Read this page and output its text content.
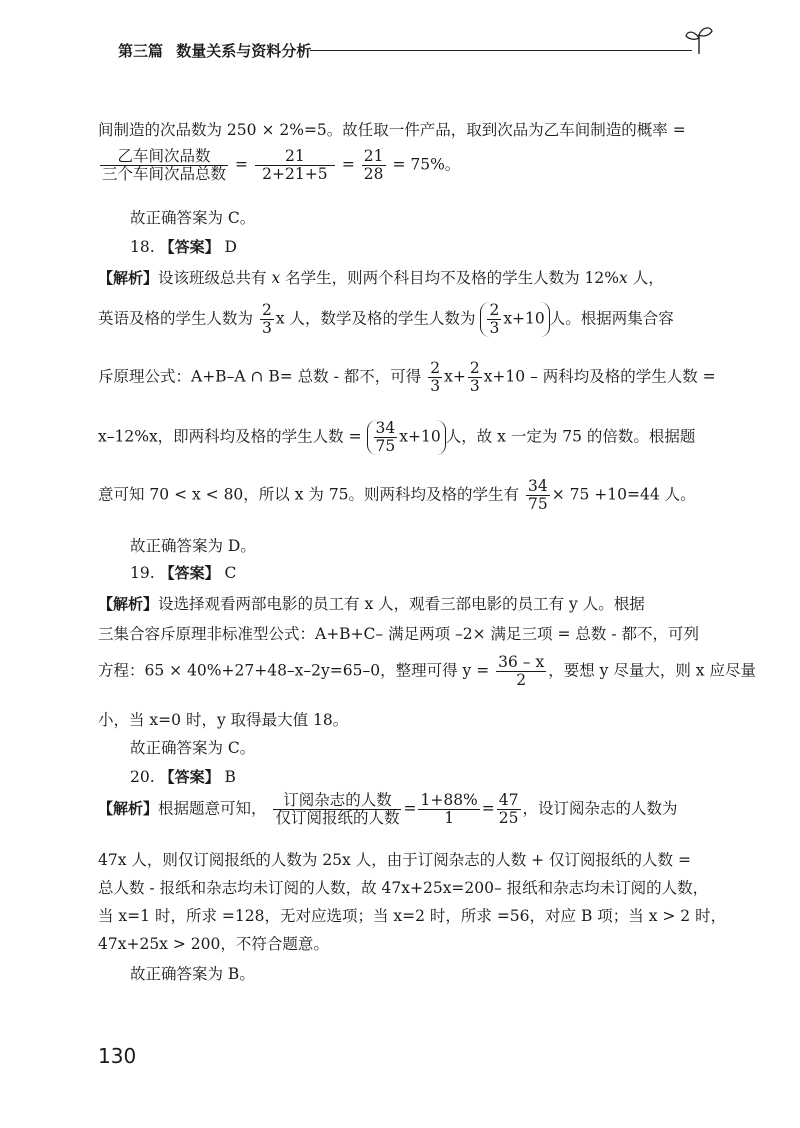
第三篇 数量关系与资料分析
间制造的次品数为 250 × 2%=5。故任取一件产品，取到次品为乙车间制造的概率 =
$\frac{\text{乙车间次品数}}{\text{三个车间次品总数}} = \frac{21}{2+21+5} = \frac{21}{28} = 75\%$。
故正确答案为 C。
18. 【答案】 D
【解析】设该班级总共有 x 名学生，则两个科目均不及格的学生人数为 12%x 人，
英语及格的学生人数为 $\frac{2}{3}$ x 人，数学及格的学生人数为 $\frac{2}{3} x+10$ 人。根据两集合容
斥原理公式：A+B–A ∩ B= 总数 - 都不，可得 $\frac{2}{3} x+ \frac{2}{3} x+10$ – 两科均及格的学生人数 =
x–12%x，即两科均及格的学生人数 = $\frac{34}{75} x+10$ 人，故 x 一定为 75 的倍数。根据题
意可知 70 < x < 80，所以 x 为 75。则两科均及格的学生有 $\frac{34}{75} \times 75 +10=44$ 人。
故正确答案为 D。
19. 【答案】 C
【解析】设选择观看两部电影的员工有 x 人，观看三部电影的员工有 y 人。根据
三集合容斥原理非标准型公式：A+B+C– 满足两项 –2× 满足三项 = 总数 - 都不，可列
方程：65 × 40%+27+48–x–2y=65–0，整理可得 $y = \frac{36 - x}{2}$ ，要想 y 尽量大，则 x 应尽量
小，当 x=0 时，y 取得最大值 18。
故正确答案为 C。
20. 【答案】 B
【解析】根据题意可知， $\frac{\text{订阅杂志的人数}}{\text{仅订阅报纸的人数}} = \frac{1+88\%}{1} = \frac{47}{25}$ ，设订阅杂志的人数为
47x 人，则仅订阅报纸的人数为 25x 人，由于订阅杂志的人数 + 仅订阅报纸的人数 =
总人数 - 报纸和杂志均未订阅的人数，故 47x+25x=200– 报纸和杂志均未订阅的人数，
当 x=1 时，所求 =128，无对应选项；当 x=2 时，所求 =56，对应 B 项；当 x > 2 时，
47x+25x > 200，不符合题意。
故正确答案为 B。
130
